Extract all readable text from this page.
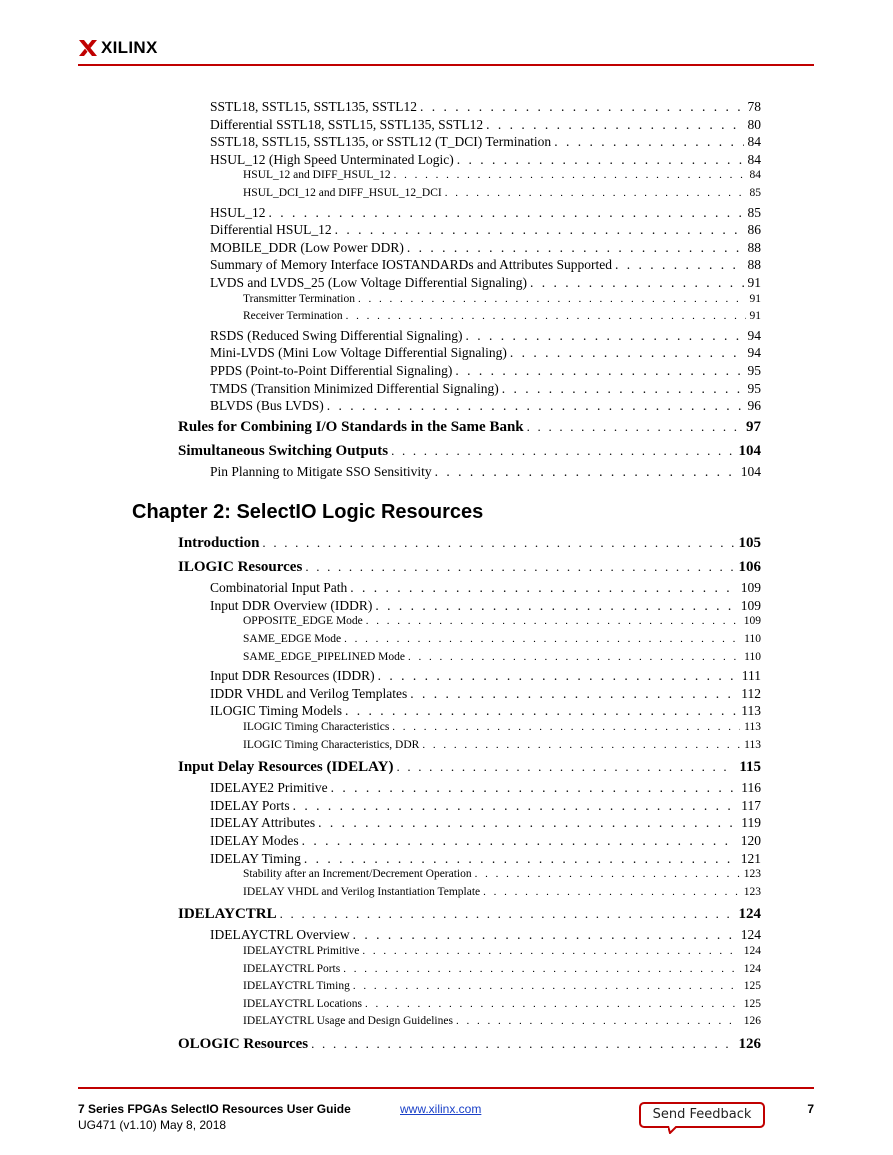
XILINX
SSTL18, SSTL15, SSTL135, SSTL12 . . .	78
Differential SSTL18, SSTL15, SSTL135, SSTL12 . . .	80
SSTL18, SSTL15, SSTL135, or SSTL12 (T_DCI) Termination . . .	84
HSUL_12 (High Speed Unterminated Logic) . . .	84
HSUL_12 and DIFF_HSUL_12 . . .	84
HSUL_DCI_12 and DIFF_HSUL_12_DCI . . .	85
HSUL_12 . . .	85
Differential HSUL_12 . . .	86
MOBILE_DDR (Low Power DDR) . . .	88
Summary of Memory Interface IOSTANDARDs and Attributes Supported . . .	88
LVDS and LVDS_25 (Low Voltage Differential Signaling) . . .	91
Transmitter Termination . . .	91
Receiver Termination . . .	91
RSDS (Reduced Swing Differential Signaling) . . .	94
Mini-LVDS (Mini Low Voltage Differential Signaling) . . .	94
PPDS (Point-to-Point Differential Signaling) . . .	95
TMDS (Transition Minimized Differential Signaling) . . .	95
BLVDS (Bus LVDS) . . .	96
Rules for Combining I/O Standards in the Same Bank . . .	97
Simultaneous Switching Outputs . . .	104
Pin Planning to Mitigate SSO Sensitivity . . .	104
Chapter 2: SelectIO Logic Resources
Introduction . . .	105
ILOGIC Resources . . .	106
Combinatorial Input Path . . .	109
Input DDR Overview (IDDR) . . .	109
OPPOSITE_EDGE Mode . . .	109
SAME_EDGE Mode . . .	110
SAME_EDGE_PIPELINED Mode . . .	110
Input DDR Resources (IDDR) . . .	111
IDDR VHDL and Verilog Templates . . .	112
ILOGIC Timing Models . . .	113
ILOGIC Timing Characteristics . . .	113
ILOGIC Timing Characteristics, DDR . . .	113
Input Delay Resources (IDELAY) . . .	115
IDELAYE2 Primitive . . .	116
IDELAY Ports . . .	117
IDELAY Attributes . . .	119
IDELAY Modes . . .	120
IDELAY Timing . . .	121
Stability after an Increment/Decrement Operation . . .	123
IDELAY VHDL and Verilog Instantiation Template . . .	123
IDELAYCTRL . . .	124
IDELAYCTRL Overview . . .	124
IDELAYCTRL Primitive . . .	124
IDELAYCTRL Ports . . .	124
IDELAYCTRL Timing . . .	125
IDELAYCTRL Locations . . .	125
IDELAYCTRL Usage and Design Guidelines . . .	126
OLOGIC Resources . . .	126
7 Series FPGAs SelectIO Resources User Guide
UG471 (v1.10) May 8, 2018
www.xilinx.com	Send Feedback	7
